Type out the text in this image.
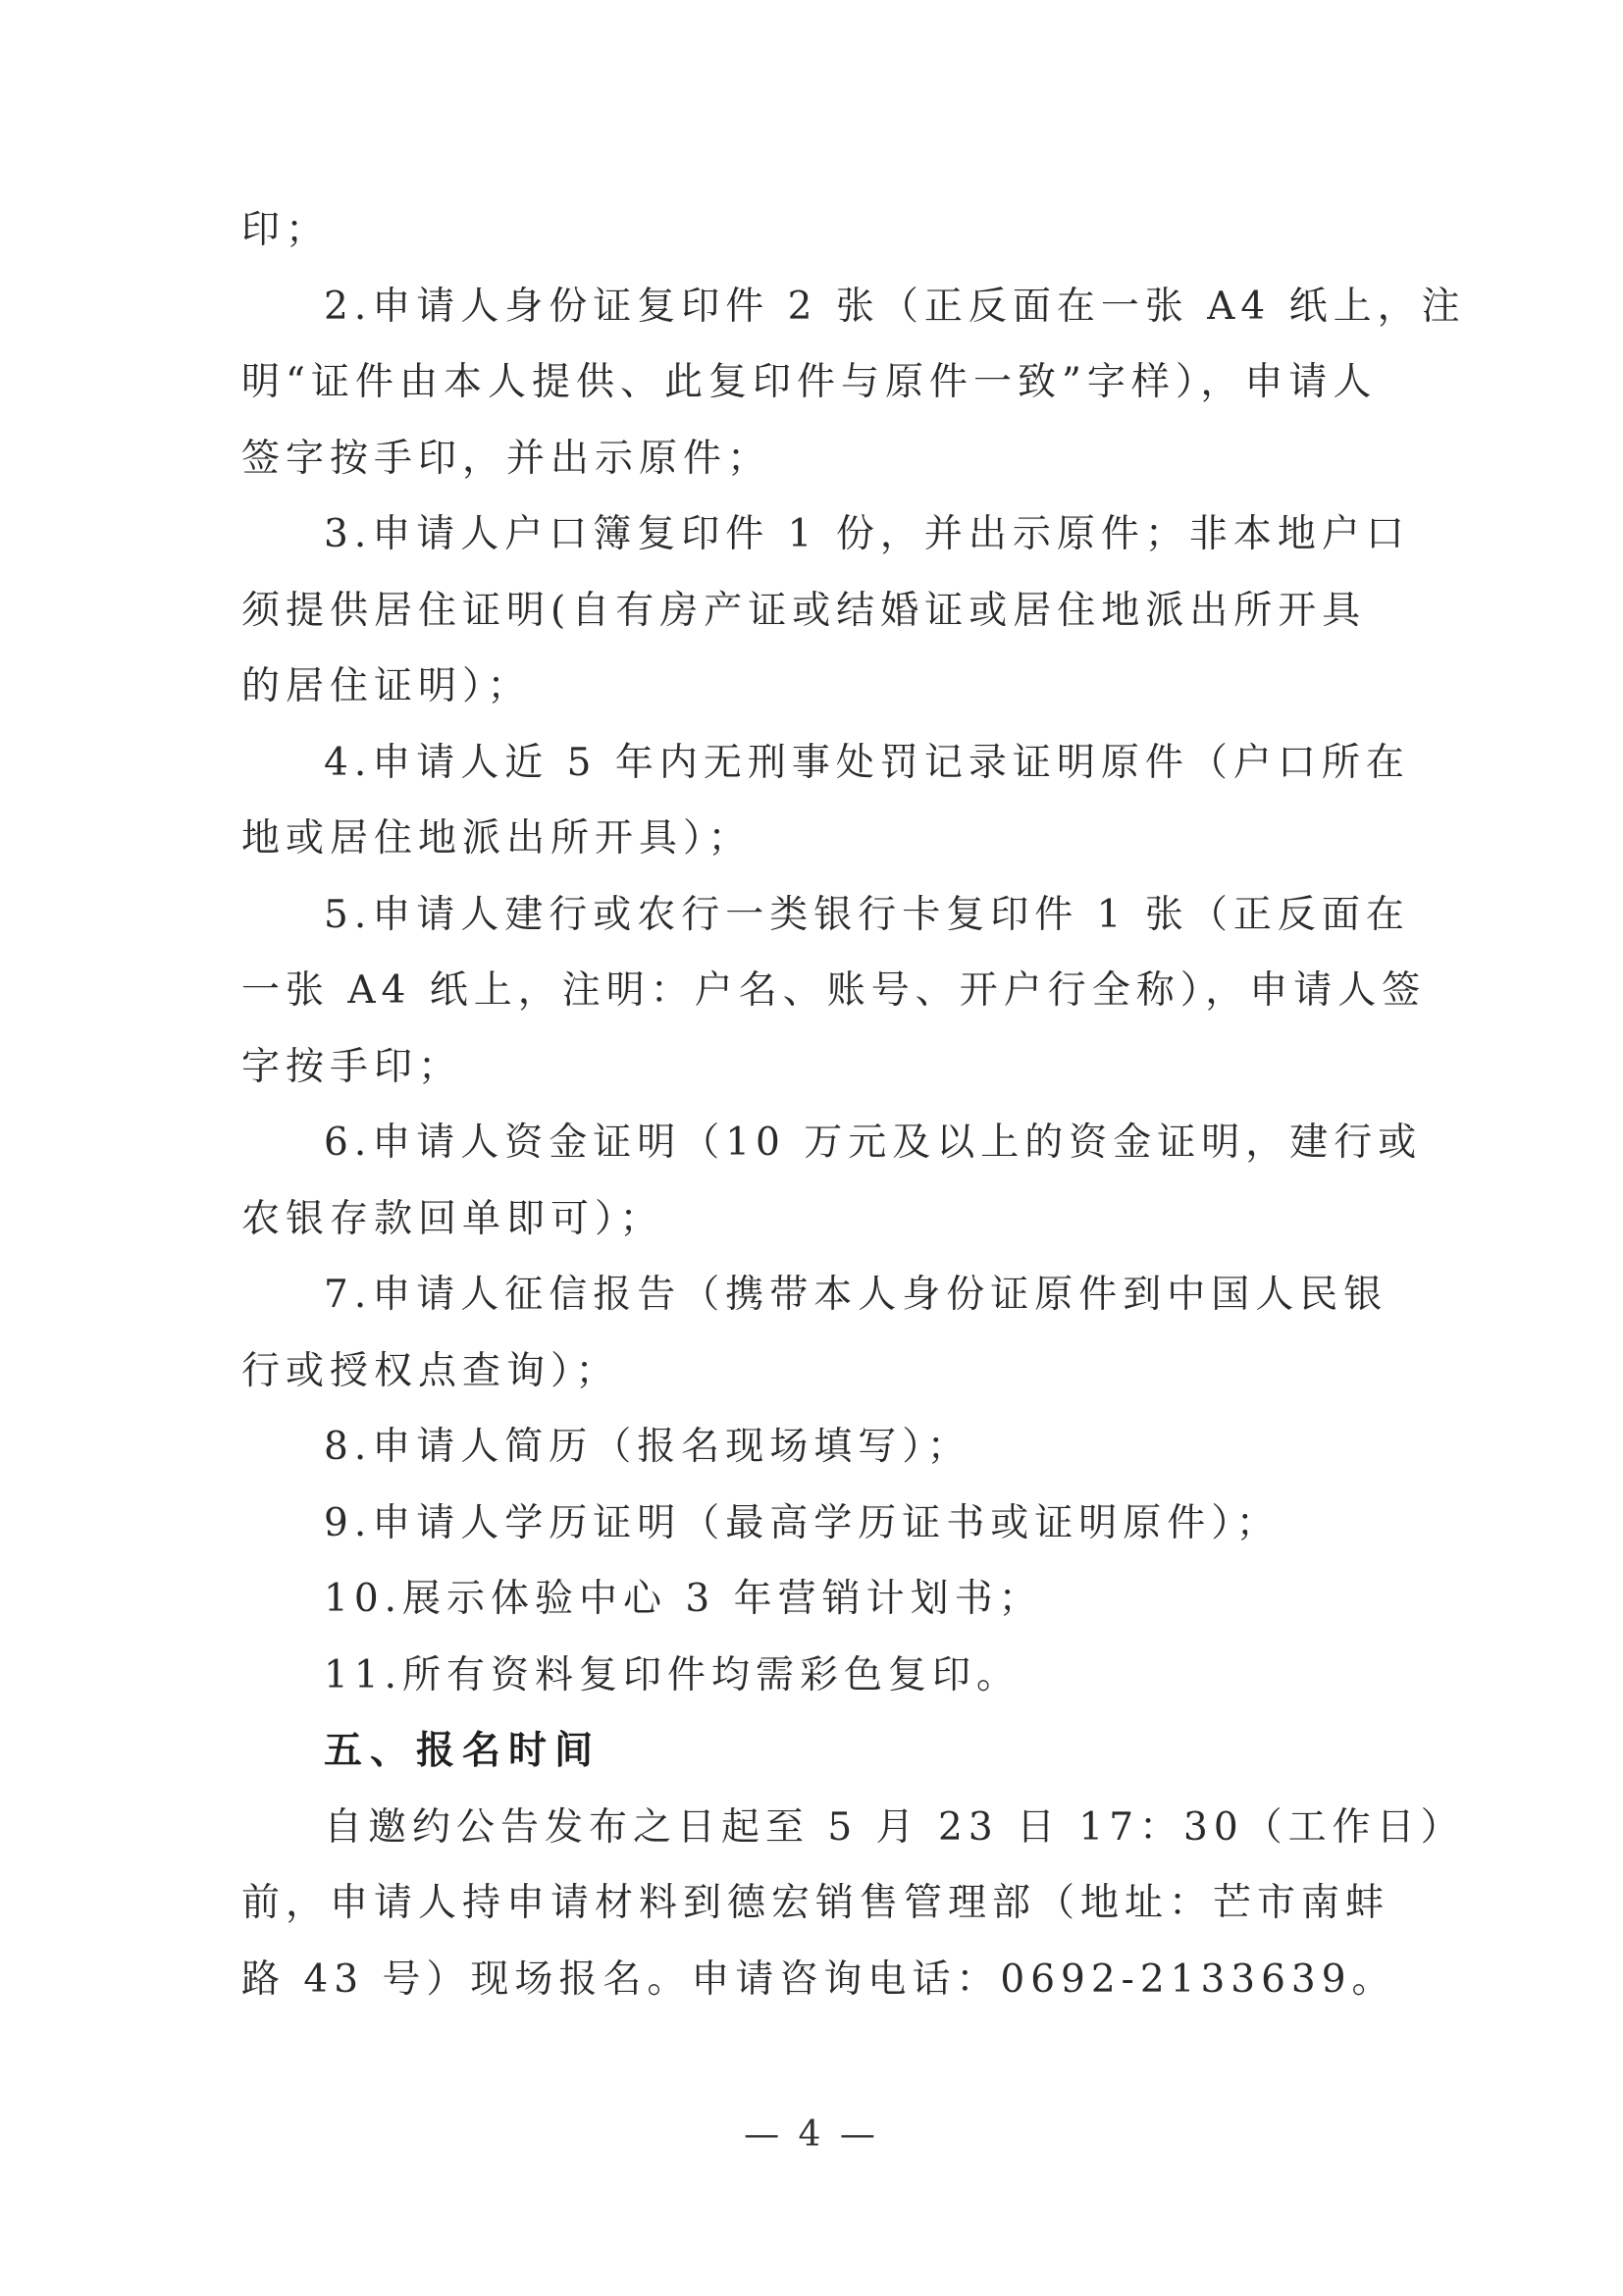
印；
2.申请人身份证复印件 2 张（正反面在一张 A4 纸上，注
明“证件由本人提供、此复印件与原件一致”字样），申请人
签字按手印，并出示原件；
3.申请人户口簿复印件 1 份，并出示原件；非本地户口
须提供居住证明(自有房产证或结婚证或居住地派出所开具
的居住证明）；
4.申请人近 5 年内无刑事处罚记录证明原件（户口所在
地或居住地派出所开具）；
5.申请人建行或农行一类银行卡复印件 1 张（正反面在
一张 A4 纸上，注明：户名、账号、开户行全称），申请人签
字按手印；
6.申请人资金证明（10 万元及以上的资金证明，建行或
农银存款回单即可）；
7.申请人征信报告（携带本人身份证原件到中国人民银
行或授权点查询）；
8.申请人简历（报名现场填写）；
9.申请人学历证明（最高学历证书或证明原件）；
10.展示体验中心 3 年营销计划书；
11.所有资料复印件均需彩色复印。
五、报名时间
自邀约公告发布之日起至 5 月 23 日 17：30（工作日）
前，申请人持申请材料到德宏销售管理部（地址：芒市南蚌
路 43 号）现场报名。申请咨询电话：0692-2133639。
— 4 —
